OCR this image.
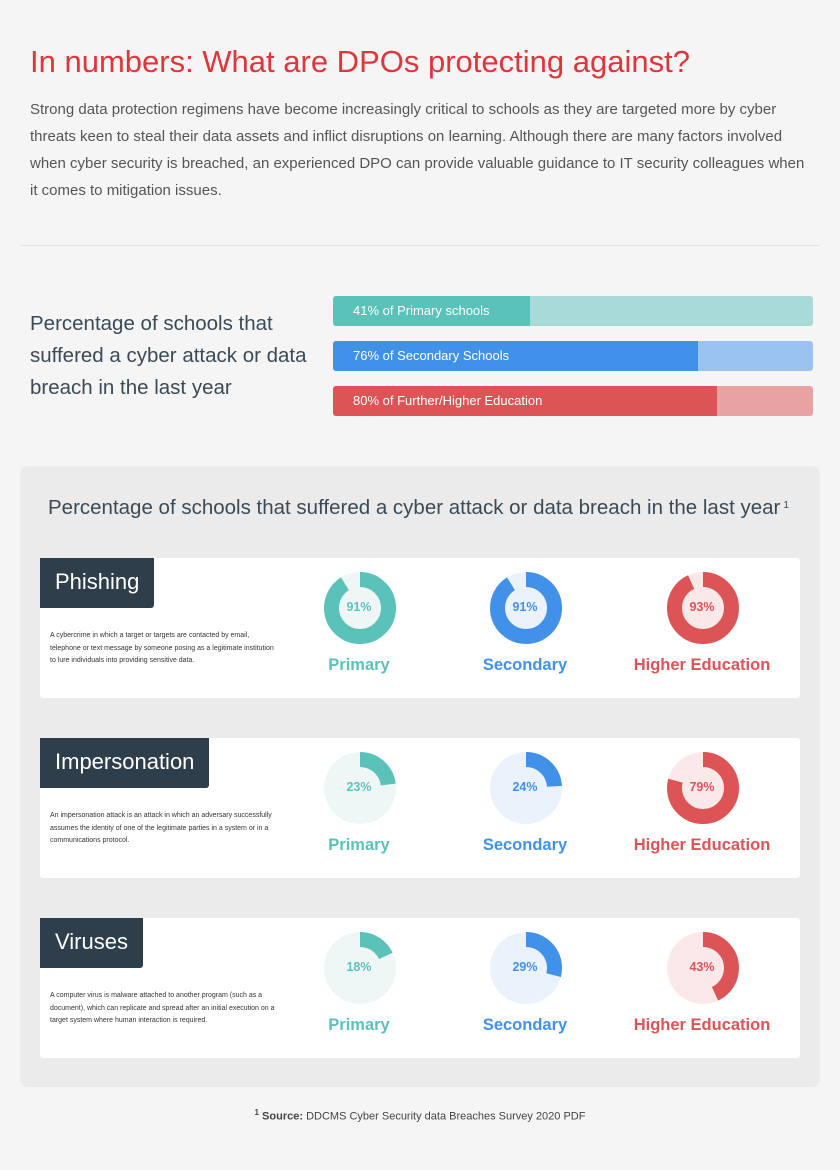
In numbers: What are DPOs protecting against?

Strong data protection regimens have become increasingly critical to schools as they are targeted more by cyber threats keen to steal their data assets and inflict disruptions on learning. Although there are many factors involved when cyber security is breached, an experienced DPO can provide valuable guidance to IT security colleagues when it comes to mitigation issues.

Percentage of schools that suffered a cyber attack or data breach in the last year

41% of Primary schools
76% of Secondary Schools
80% of Further/Higher Education
Percentage of schools that suffered a cyber attack or data breach in the last year $^1$
Phishing

A cybercrime in which a target or targets are contacted by email, telephone or text message by someone posing as a legitimate institution to lure individuals into providing sensitive data.

91%
Primary
91%
Secondary
93%
Higher Education
Impersonation

An impersonation attack is an attack in which an adversary successfully assumes the identity of one of the legitimate parties in a system or in a communications protocol.

23%
Primary
24%
Secondary
79%
Higher Education
Viruses

A computer virus is malware attached to another program (such as a document), which can replicate and spread after an initial execution on a target system where human interaction is required.

18%
Primary
29%
Secondary
43%
Higher Education
$^1$ Source: DDCMS Cyber Security data Breaches Survey 2020 PDF
